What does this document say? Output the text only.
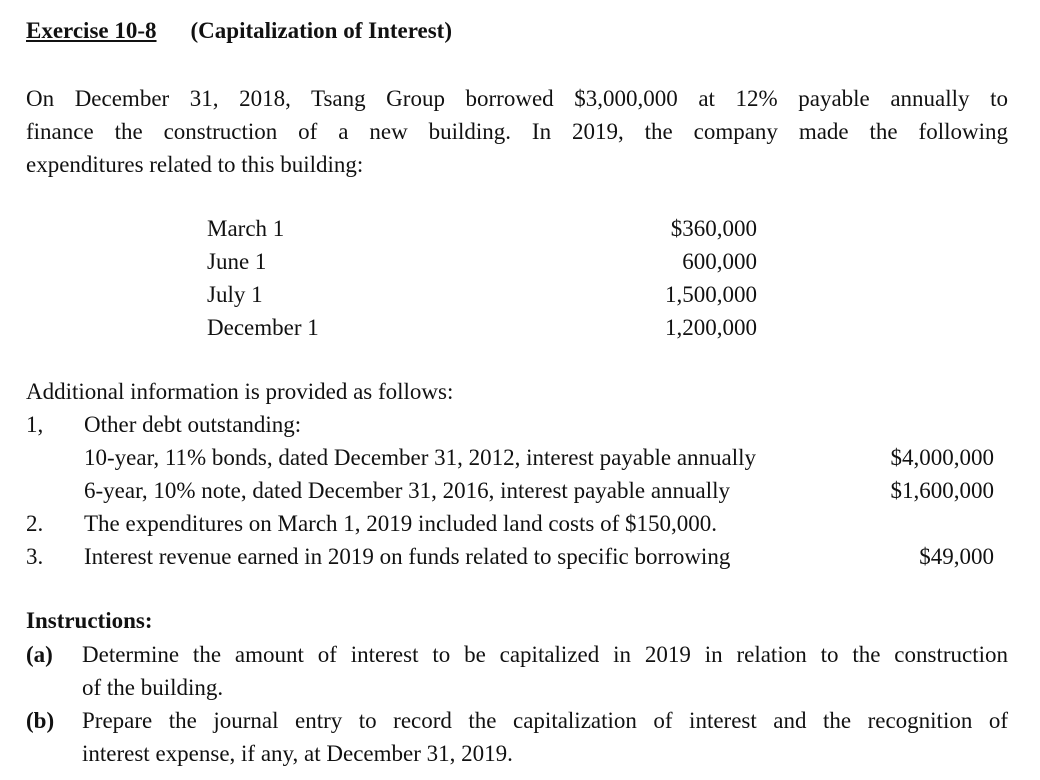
Exercise 10-8 (Capitalization of Interest)
On December 31, 2018, Tsang Group borrowed $3,000,000 at 12% payable annually to
finance the construction of a new building. In 2019, the company made the following
expenditures related to this building:
March 1	$360,000
June 1	600,000
July 1	1,500,000
December 1	1,200,000
Additional information is provided as follows:
1, Other debt outstanding:
10-year, 11% bonds, dated December 31, 2012, interest payable annually	$4,000,000
6-year, 10% note, dated December 31, 2016, interest payable annually	$1,600,000
2. The expenditures on March 1, 2019 included land costs of $150,000.
3. Interest revenue earned in 2019 on funds related to specific borrowing	$49,000
Instructions:
(a) Determine the amount of interest to be capitalized in 2019 in relation to the construction
of the building.
(b) Prepare the journal entry to record the capitalization of interest and the recognition of
interest expense, if any, at December 31, 2019.
